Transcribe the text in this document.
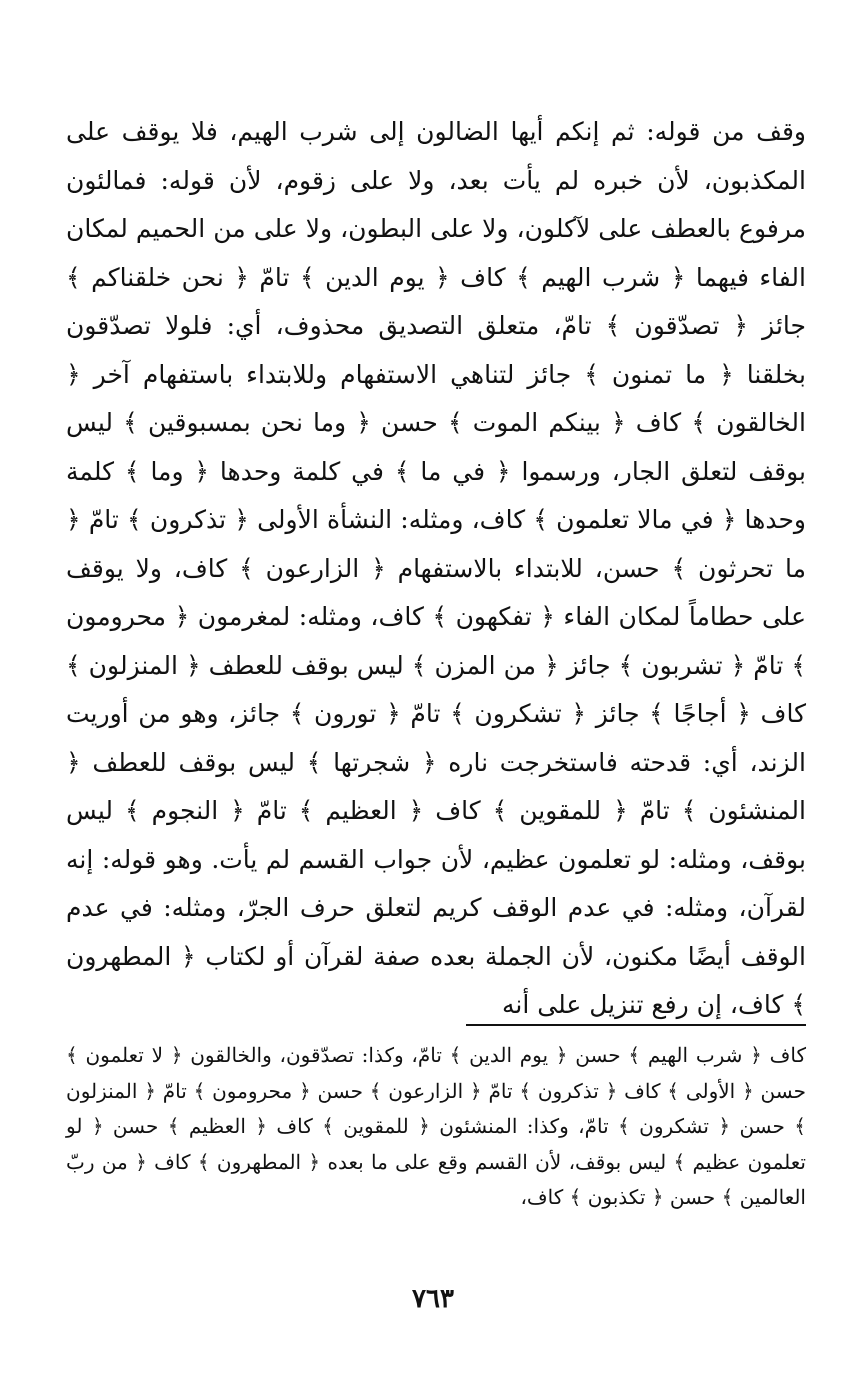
وقف من قوله: ثم إنكم أيها الضالون إلى شرب الهيم، فلا يوقف على المكذبون، لأن خبره لم يأت بعد، ولا على زقوم، لأن قوله: فمالئون مرفوع بالعطف على لآكلون، ولا على البطون، ولا على من الحميم لمكان الفاء فيهما ﴿ شرب الهيم ﴾ كاف ﴿ يوم الدين ﴾ تامّ ﴿ نحن خلقناكم ﴾ جائز ﴿ تصدّقون ﴾ تامّ، متعلق التصديق محذوف، أي: فلولا تصدّقون بخلقنا ﴿ ما تمنون ﴾ جائز لتناهي الاستفهام وللابتداء باستفهام آخر ﴿ الخالقون ﴾ كاف ﴿ بينكم الموت ﴾ حسن ﴿ وما نحن بمسبوقين ﴾ ليس بوقف لتعلق الجار، ورسموا ﴿ في ما ﴾ في كلمة وحدها ﴿ وما ﴾ كلمة وحدها ﴿ في مالا تعلمون ﴾ كاف، ومثله: النشأة الأولى ﴿ تذكرون ﴾ تامّ ﴿ ما تحرثون ﴾ حسن، للابتداء بالاستفهام ﴿ الزارعون ﴾ كاف، ولا يوقف على حطاماً لمكان الفاء ﴿ تفكهون ﴾ كاف، ومثله: لمغرمون ﴿ محرومون ﴾ تامّ ﴿ تشربون ﴾ جائز ﴿ من المزن ﴾ ليس بوقف للعطف ﴿ المنزلون ﴾ كاف ﴿ أجاجًا ﴾ جائز ﴿ تشكرون ﴾ تامّ ﴿ تورون ﴾ جائز، وهو من أوريت الزند، أي: قدحته فاستخرجت ناره ﴿ شجرتها ﴾ ليس بوقف للعطف ﴿ المنشئون ﴾ تامّ ﴿ للمقوين ﴾ كاف ﴿ العظيم ﴾ تامّ ﴿ النجوم ﴾ ليس بوقف، ومثله: لو تعلمون عظيم، لأن جواب القسم لم يأت. وهو قوله: إنه لقرآن، ومثله: في عدم الوقف كريم لتعلق حرف الجرّ، ومثله: في عدم الوقف أيضًا مكنون، لأن الجملة بعده صفة لقرآن أو لكتاب ﴿ المطهرون ﴾ كاف، إن رفع تنزيل على أنه

كاف ﴿ شرب الهيم ﴾ حسن ﴿ يوم الدين ﴾ تامّ، وكذا: تصدّقون، والخالقون ﴿ لا تعلمون ﴾ حسن ﴿ الأولى ﴾ كاف ﴿ تذكرون ﴾ تامّ ﴿ الزارعون ﴾ حسن ﴿ محرومون ﴾ تامّ ﴿ المنزلون ﴾ حسن ﴿ تشكرون ﴾ تامّ، وكذا: المنشئون ﴿ للمقوين ﴾ كاف ﴿ العظيم ﴾ حسن ﴿ لو تعلمون عظيم ﴾ ليس بوقف، لأن القسم وقع على ما بعده ﴿ المطهرون ﴾ كاف ﴿ من ربّ العالمين ﴾ حسن ﴿ تكذبون ﴾ كاف،

٧٦٣
